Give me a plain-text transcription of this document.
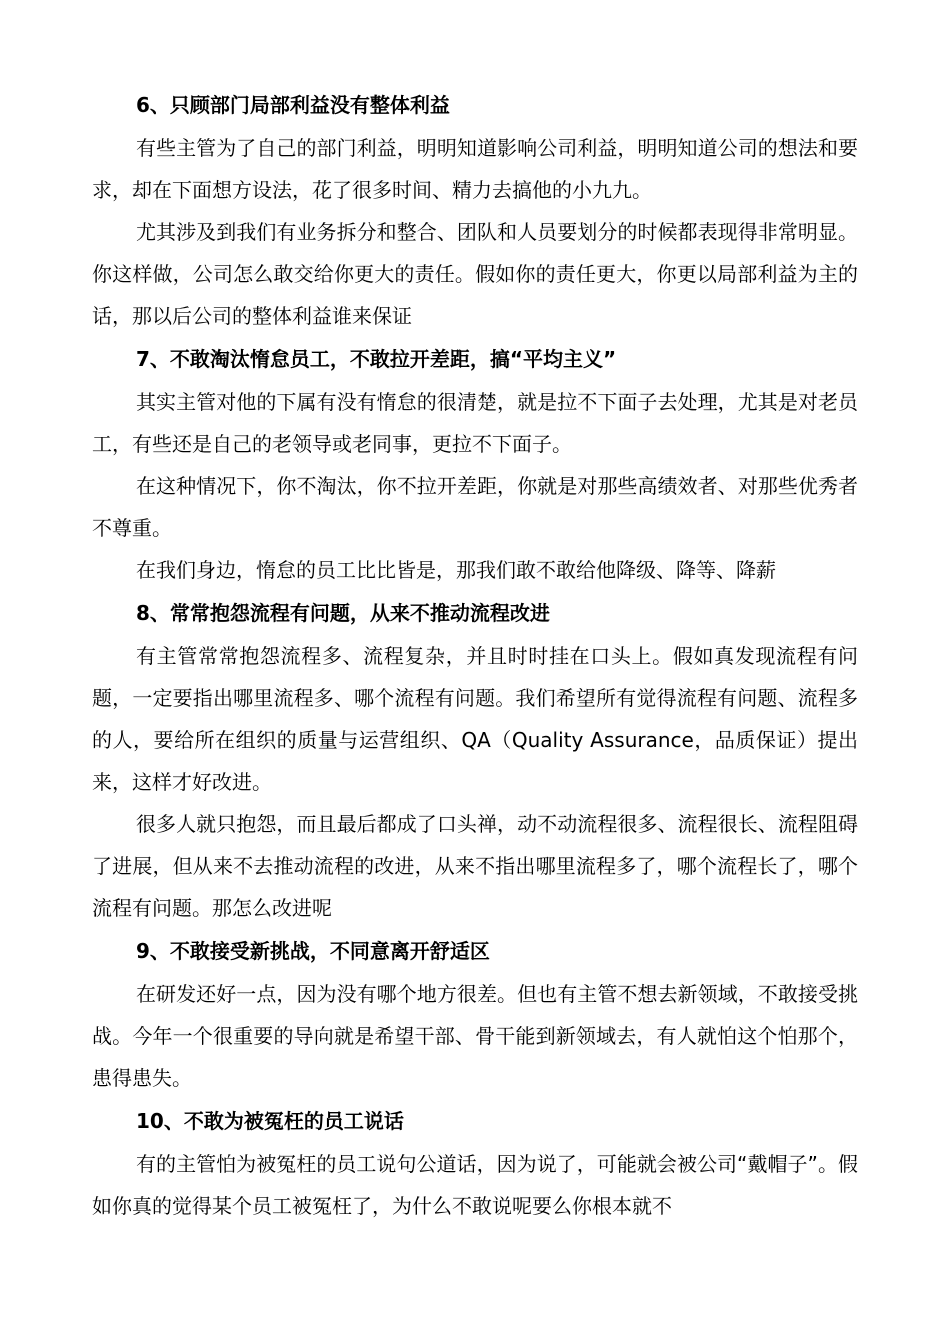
6、只顾部门局部利益没有整体利益

有些主管为了自己的部门利益，明明知道影响公司利益，明明知道公司的想法和要求，却在下面想方设法，花了很多时间、精力去搞他的小九九。

尤其涉及到我们有业务拆分和整合、团队和人员要划分的时候都表现得非常明显。你这样做，公司怎么敢交给你更大的责任。假如你的责任更大，你更以局部利益为主的话，那以后公司的整体利益谁来保证

7、不敢淘汰惰怠员工，不敢拉开差距，搞“平均主义”

其实主管对他的下属有没有惰怠的很清楚，就是拉不下面子去处理，尤其是对老员工，有些还是自己的老领导或老同事，更拉不下面子。

在这种情况下，你不淘汰，你不拉开差距，你就是对那些高绩效者、对那些优秀者不尊重。

在我们身边，惰怠的员工比比皆是，那我们敢不敢给他降级、降等、降薪

8、常常抱怨流程有问题，从来不推动流程改进

有主管常常抱怨流程多、流程复杂，并且时时挂在口头上。假如真发现流程有问题，一定要指出哪里流程多、哪个流程有问题。我们希望所有觉得流程有问题、流程多的人，要给所在组织的质量与运营组织、QA（Quality Assurance，品质保证）提出来，这样才好改进。

很多人就只抱怨，而且最后都成了口头禅，动不动流程很多、流程很长、流程阻碍了进展，但从来不去推动流程的改进，从来不指出哪里流程多了，哪个流程长了，哪个流程有问题。那怎么改进呢

9、不敢接受新挑战，不同意离开舒适区

在研发还好一点，因为没有哪个地方很差。但也有主管不想去新领域，不敢接受挑战。今年一个很重要的导向就是希望干部、骨干能到新领域去，有人就怕这个怕那个，患得患失。

10、不敢为被冤枉的员工说话

有的主管怕为被冤枉的员工说句公道话，因为说了，可能就会被公司“戴帽子”。假如你真的觉得某个员工被冤枉了，为什么不敢说呢要么你根本就不
